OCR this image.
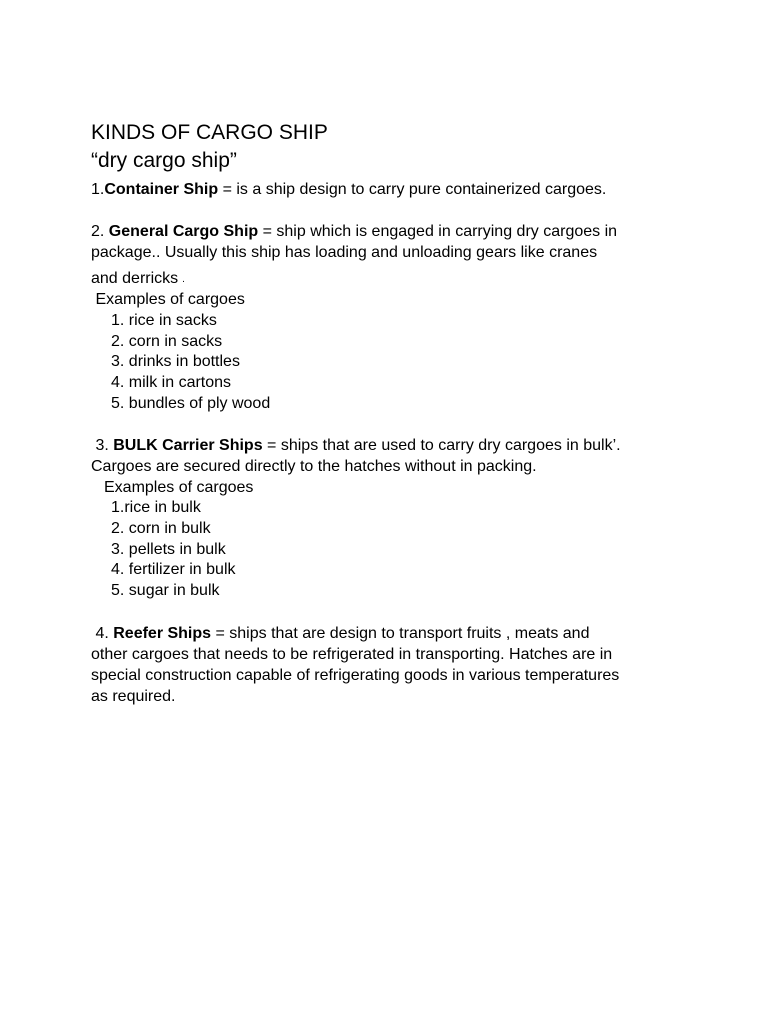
KINDS OF CARGO SHIP
“dry cargo ship”
1.Container Ship = is a ship design to carry pure containerized cargoes.
2. General Cargo Ship = ship which is engaged in carrying dry cargoes in
package.. Usually this ship has loading and unloading gears like cranes
and derricks .
Examples of cargoes
1. rice in sacks
2. corn in sacks
3. drinks in bottles
4. milk in cartons
5. bundles of ply wood
3. BULK Carrier Ships = ships that are used to carry dry cargoes in bulk’.
Cargoes are secured directly to the hatches without in packing.
Examples of cargoes
1.rice in bulk
2. corn in bulk
3. pellets in bulk
4. fertilizer in bulk
5. sugar in bulk
4. Reefer Ships = ships that are design to transport fruits , meats and
other cargoes that needs to be refrigerated in transporting. Hatches are in
special construction capable of refrigerating goods in various temperatures
as required.
